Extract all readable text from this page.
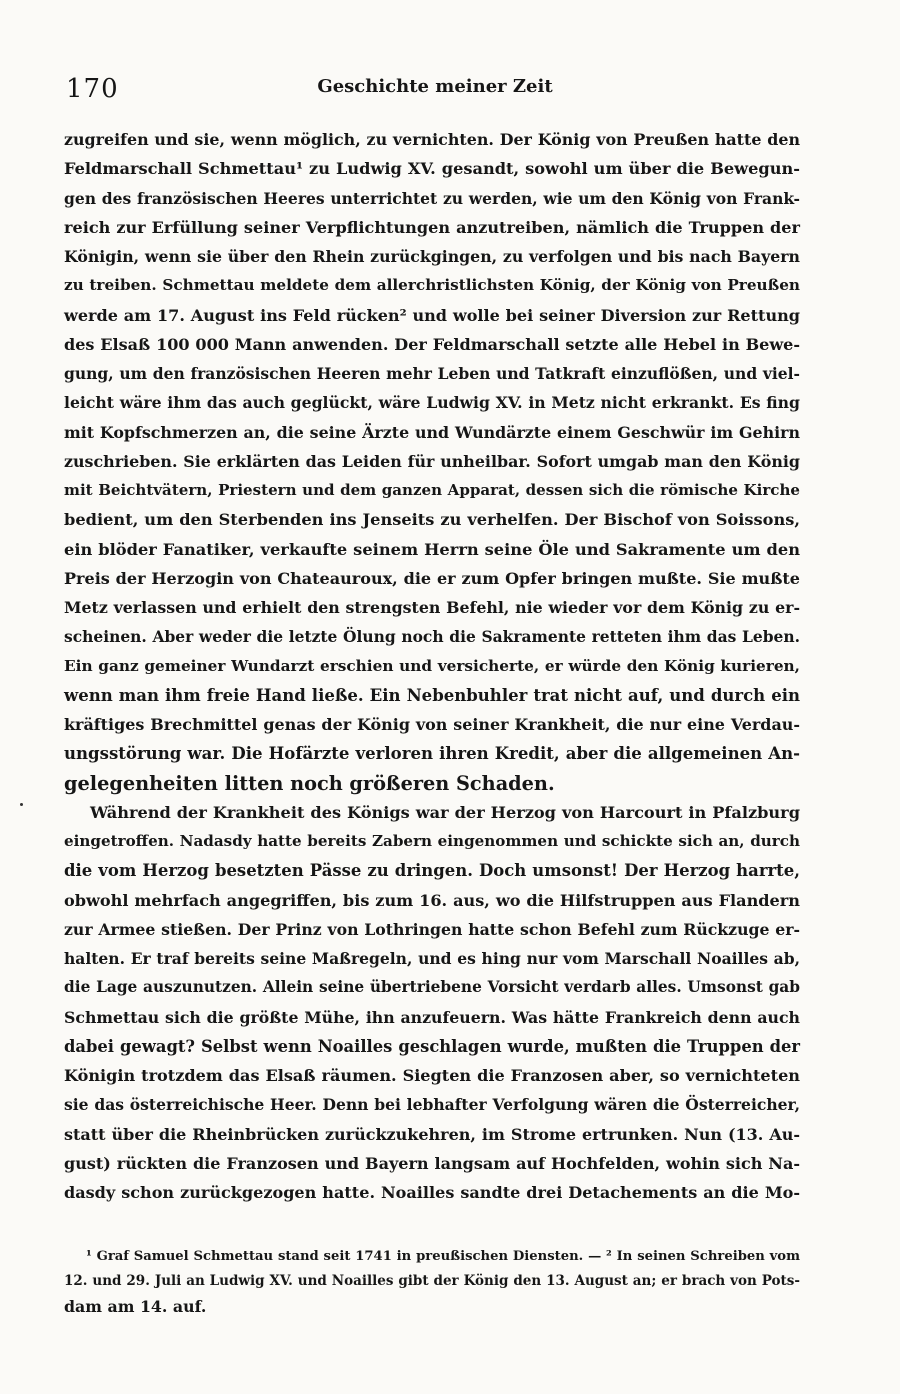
170	Geschichte meiner Zeit
zugreifen und sie, wenn möglich, zu vernichten. Der König von Preußen hatte den
Feldmarschall Schmettau¹ zu Ludwig XV. gesandt, sowohl um über die Bewegun-
gen des französischen Heeres unterrichtet zu werden, wie um den König von Frank-
reich zur Erfüllung seiner Verpflichtungen anzutreiben, nämlich die Truppen der
Königin, wenn sie über den Rhein zurückgingen, zu verfolgen und bis nach Bayern
zu treiben. Schmettau meldete dem allerchristlichsten König, der König von Preußen
werde am 17. August ins Feld rücken² und wolle bei seiner Diversion zur Rettung
des Elsaß 100 000 Mann anwenden. Der Feldmarschall setzte alle Hebel in Bewe-
gung, um den französischen Heeren mehr Leben und Tatkraft einzuflößen, und viel-
leicht wäre ihm das auch geglückt, wäre Ludwig XV. in Metz nicht erkrankt. Es fing
mit Kopfschmerzen an, die seine Ärzte und Wundärzte einem Geschwür im Gehirn
zuschrieben. Sie erklärten das Leiden für unheilbar. Sofort umgab man den König
mit Beichtvätern, Priestern und dem ganzen Apparat, dessen sich die römische Kirche
bedient, um den Sterbenden ins Jenseits zu verhelfen. Der Bischof von Soissons,
ein blöder Fanatiker, verkaufte seinem Herrn seine Öle und Sakramente um den
Preis der Herzogin von Chateauroux, die er zum Opfer bringen mußte. Sie mußte
Metz verlassen und erhielt den strengsten Befehl, nie wieder vor dem König zu er-
scheinen. Aber weder die letzte Ölung noch die Sakramente retteten ihm das Leben.
Ein ganz gemeiner Wundarzt erschien und versicherte, er würde den König kurieren,
wenn man ihm freie Hand ließe. Ein Nebenbuhler trat nicht auf, und durch ein
kräftiges Brechmittel genas der König von seiner Krankheit, die nur eine Verdau-
ungsstörung war. Die Hofärzte verloren ihren Kredit, aber die allgemeinen An-
gelegenheiten litten noch größeren Schaden.
Während der Krankheit des Königs war der Herzog von Harcourt in Pfalzburg
eingetroffen. Nadasdy hatte bereits Zabern eingenommen und schickte sich an, durch
die vom Herzog besetzten Pässe zu dringen. Doch umsonst! Der Herzog harrte,
obwohl mehrfach angegriffen, bis zum 16. aus, wo die Hilfstruppen aus Flandern
zur Armee stießen. Der Prinz von Lothringen hatte schon Befehl zum Rückzuge er-
halten. Er traf bereits seine Maßregeln, und es hing nur vom Marschall Noailles ab,
die Lage auszunutzen. Allein seine übertriebene Vorsicht verdarb alles. Umsonst gab
Schmettau sich die größte Mühe, ihn anzufeuern. Was hätte Frankreich denn auch
dabei gewagt? Selbst wenn Noailles geschlagen wurde, mußten die Truppen der
Königin trotzdem das Elsaß räumen. Siegten die Franzosen aber, so vernichteten
sie das österreichische Heer. Denn bei lebhafter Verfolgung wären die Österreicher,
statt über die Rheinbrücken zurückzukehren, im Strome ertrunken. Nun (13. Au-
gust) rückten die Franzosen und Bayern langsam auf Hochfelden, wohin sich Na-
dasdy schon zurückgezogen hatte. Noailles sandte drei Detachements an die Mo-
¹ Graf Samuel Schmettau stand seit 1741 in preußischen Diensten. — ² In seinen Schreiben vom
12. und 29. Juli an Ludwig XV. und Noailles gibt der König den 13. August an; er brach von Pots-
dam am 14. auf.
